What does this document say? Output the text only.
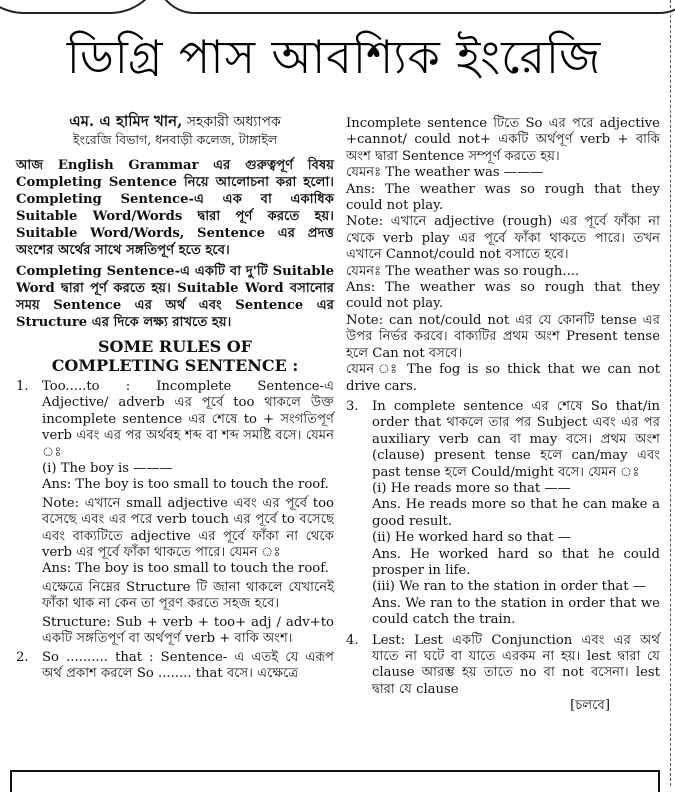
ডিগ্রি পাস আবশ্যিক ইংরেজি
এম. এ হামিদ খান, সহকারী অধ্যাপক
ইংরেজি বিভাগ, ধনবাড়ী কলেজ, টাঙ্গাইল

আজ English Grammar এর গুরুত্বপূর্ণ বিষয় Completing Sentence নিয়ে আলোচনা করা হলো। Completing Sentence-এ এক বা একাধিক Suitable Word/Words দ্বারা পূর্ণ করতে হয়। Suitable Word/Words, Sentence এর প্রদত্ত অংশের অর্থের সাথে সঙ্গতিপূর্ণ হতে হবে।

Completing Sentence-এ একটি বা দু'টি Suitable Word দ্বারা পূর্ণ করতে হয়। Suitable Word বসানোর সময় Sentence এর অর্থ এবং Sentence এর Structure এর দিকে লক্ষ্য রাখতে হয়।

SOME RULES OF
COMPLETING SENTENCE :
1.	Too.....to : Incomplete Sentence-এ Adjective/ adverb এর পূর্বে too থাকলে উক্ত incomplete sentence এর শেষে to + সংগতিপূর্ণ verb এবং এর পর অর্থবহ শব্দ বা শব্দ সমষ্টি বসে। যেমন ঃ

(i) The boy is ———

Ans: The boy is too small to touch the roof.

Note: এখানে small adjective এবং এর পূর্বে too বসেছে এবং এর পরে verb touch এর পূর্বে to বসেছে এবং বাক্যটিতে adjective এর পূর্বে ফাঁকা না থেকে verb এর পূর্বে ফাঁকা থাকতে পারে। যেমন ঃ

Ans: The boy is too small to touch the roof.

এক্ষেত্রে নিম্নের Structure টি জানা থাকলে যেখানেই ফাঁকা থাক না কেন তা পূরণ করতে সহজ হবে।

Structure: Sub + verb + too+ adj / adv+to একটি সঙ্গতিপূর্ণ বা অর্থপূর্ণ verb + বাকি অংশ।

2.	So .......... that : Sentence- এ এতই যে এরূপ অর্থ প্রকাশ করলে So ........ that বসে। এক্ষেত্রে

Incomplete sentence টিতে So এর পরে adjective +cannot/ could not+ একটি অর্থপূর্ণ verb + বাকি অংশ দ্বারা Sentence সম্পূর্ণ করতে হয়।

যেমনঃ The weather was ———

Ans: The weather was so rough that they could not play.

Note: এখানে adjective (rough) এর পূর্বে ফাঁকা না থেকে verb play এর পূর্বে ফাঁকা থাকতে পারে। তখন এখানে Cannot/could not বসাতে হবে।

যেমনঃ The weather was so rough....

Ans: The weather was so rough that they could not play.

Note: can not/could not এর যে কোনটি tense এর উপর নির্ভর করবে। বাক্যটির প্রথম অংশ Present tense হলে Can not বসবে।

যেমন ঃ The fog is so thick that we can not drive cars.

3.	In complete sentence এর শেষে So that/in order that থাকলে তার পর Subject এবং এর পর auxiliary verb can বা may বসে। প্রথম অংশ (clause) present tense হলে can/may এবং past tense হলে Could/might বসে। যেমন ঃ

(i) He reads more so that ——

Ans. He reads more so that he can make a good result.

(ii) He worked hard so that —

Ans. He worked hard so that he could prosper in life.

(iii) We ran to the station in order that —

Ans. We ran to the station in order that we could catch the train.

4.	Lest: Lest একটি Conjunction এবং এর অর্থ যাতে না ঘটে বা যাতে এরকম না হয়। lest দ্বারা যে clause আরম্ভ হয় তাতে no বা not বসেনা। lest দ্বারা যে clause

[চলবে]
